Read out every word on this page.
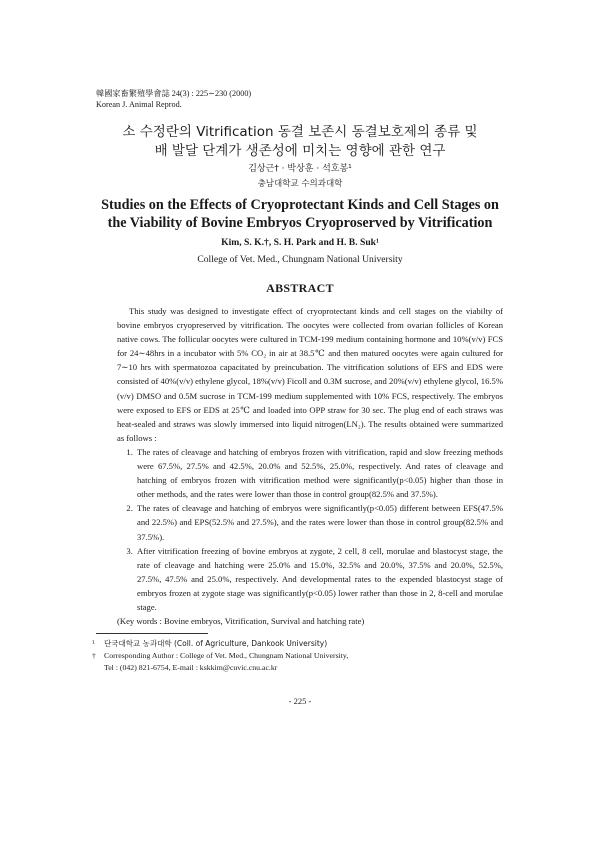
韓國家畜繁殖學會誌 24(3) : 225∼230 (2000)
Korean J. Animal Reprod.
소 수정란의 Vitrification 동결 보존시 동결보호제의 종류 및
배 발달 단계가 생존성에 미치는 영향에 관한 연구
김상근† · 박상훈 · 석호봉¹
충남대학교 수의과대학
Studies on the Effects of Cryoprotectant Kinds and Cell Stages on
the Viability of Bovine Embryos Cryoproserved by Vitrification
Kim, S. K.†, S. H. Park and H. B. Suk¹
College of Vet. Med., Chungnam National University
ABSTRACT

This study was designed to investigate effect of cryoprotectant kinds and cell stages on the viabilty of bovine embryos cryopreserved by vitrification. The oocytes were collected from ovarian follicles of Korean native cows. The follicular oocytes were cultured in TCM-199 medium containing hormone and 10%(v/v) FCS for 24∼48hrs in a incubator with 5% CO₂ in air at 38.5℃ and then matured oocytes were again cultured for 7∼10 hrs with spermatozoa capacitated by preincubation. The vitrification solutions of EFS and EDS were consisted of 40%(v/v) ethylene glycol, 18%(v/v) Ficoll and 0.3M sucrose, and 20%(v/v) ethylene glycol, 16.5%(v/v) DMSO and 0.5M sucrose in TCM-199 medium supplemented with 10% FCS, respectively. The embryos were exposed to EFS or EDS at 25℃ and loaded into OPP straw for 30 sec. The plug end of each straws was heat-sealed and straws was slowly immersed into liquid nitrogen(LN₂). The results obtained were summarized as follows :

1. The rates of cleavage and hatching of embryos frozen with vitrification, rapid and slow freezing methods were 67.5%, 27.5% and 42.5%, 20.0% and 52.5%, 25.0%, respectively. And rates of cleavage and hatching of embryos frozen with vitrification method were significantly(p<0.05) higher than those in other methods, and the rates were lower than those in control group(82.5% and 37.5%).
2. The rates of cleavage and hatching of embryos were significantly(p<0.05) different between EFS(47.5% and 22.5%) and EPS(52.5% and 27.5%), and the rates were lower than those in control group(82.5% and 37.5%).
3. After vitrification freezing of bovine embryos at zygote, 2 cell, 8 cell, morulae and blastocyst stage, the rate of cleavage and hatching were 25.0% and 15.0%, 32.5% and 20.0%, 37.5% and 20.0%, 52.5%, 27.5%, 47.5% and 25.0%, respectively. And developmental rates to the expended blastocyst stage of embryos frozen at zygote stage was significantly(p<0.05) lower rather than those in 2, 8-cell and morulae stage.
(Key words : Bovine embryos, Vitrification, Survival and hatching rate)
¹ 단국대학교 농과대학 (Coll. of Agriculture, Dankook University)
† Corresponding Author : College of Vet. Med., Chungnam National University,
Tel : (042) 821-6754, E-mail : kskkim@cuvic.cnu.ac.kr
- 225 -
